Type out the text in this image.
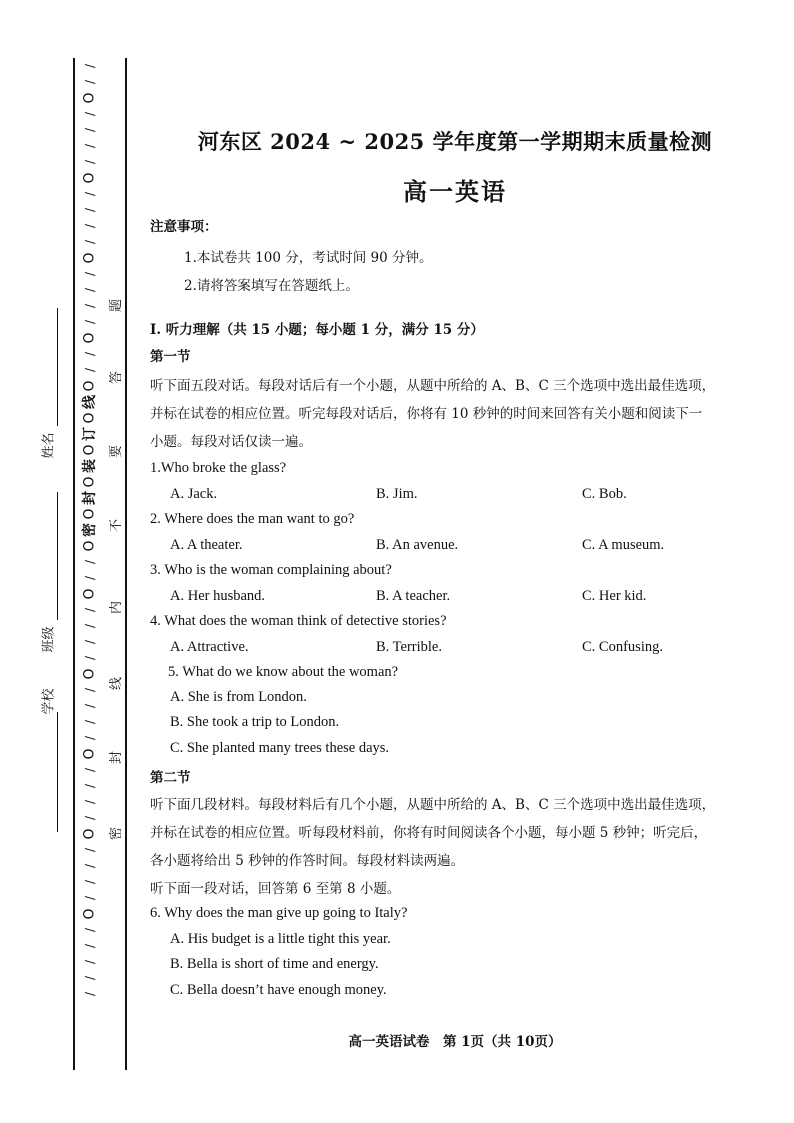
/
/
O
/
/
/
/
O
/
/
/
/
O
/
/
/
/
O
/
/
O
线
O
订
O
装
O
封
O
密
O
/
/
O
/
/
/
/
O
/
/
/
/
O
/
/
/
/
O
/
/
/
/
O
/
/
/
/
/
题
答
要
不
内
线
封
密
姓名
班级
学校
河东区 2024 ~ 2025 学年度第一学期期末质量检测
高一英语
注意事项：
1.本试卷共 100 分，考试时间 90 分钟。
2.请将答案填写在答题纸上。
Ⅰ. 听力理解（共 15 小题；每小题 1 分，满分 15 分）
第一节
听下面五段对话。每段对话后有一个小题，从题中所给的 A、B、C 三个选项中选出最佳选项，
并标在试卷的相应位置。听完每段对话后，你将有 10 秒钟的时间来回答有关小题和阅读下一
小题。每段对话仅读一遍。
1.Who broke the glass?
A. Jack.	B. Jim.	C. Bob.
2. Where does the man want to go?
A. A theater.	B. An avenue.	C. A museum.
3. Who is the woman complaining about?
A. Her husband.	B. A teacher.	C. Her kid.
4. What does the woman think of detective stories?
A. Attractive.	B. Terrible.	C. Confusing.
5. What do we know about the woman?
A. She is from London.
B. She took a trip to London.
C. She planted many trees these days.
第二节
听下面几段材料。每段材料后有几个小题，从题中所给的 A、B、C 三个选项中选出最佳选项，
并标在试卷的相应位置。听每段材料前，你将有时间阅读各个小题，每小题 5 秒钟；听完后，
各小题将给出 5 秒钟的作答时间。每段材料读两遍。
听下面一段对话，回答第 6 至第 8 小题。
6. Why does the man give up going to Italy?
A. His budget is a little tight this year.
B. Bella is short of time and energy.
C. Bella doesn’t have enough money.
高一英语试卷　第 1页（共 10页）
